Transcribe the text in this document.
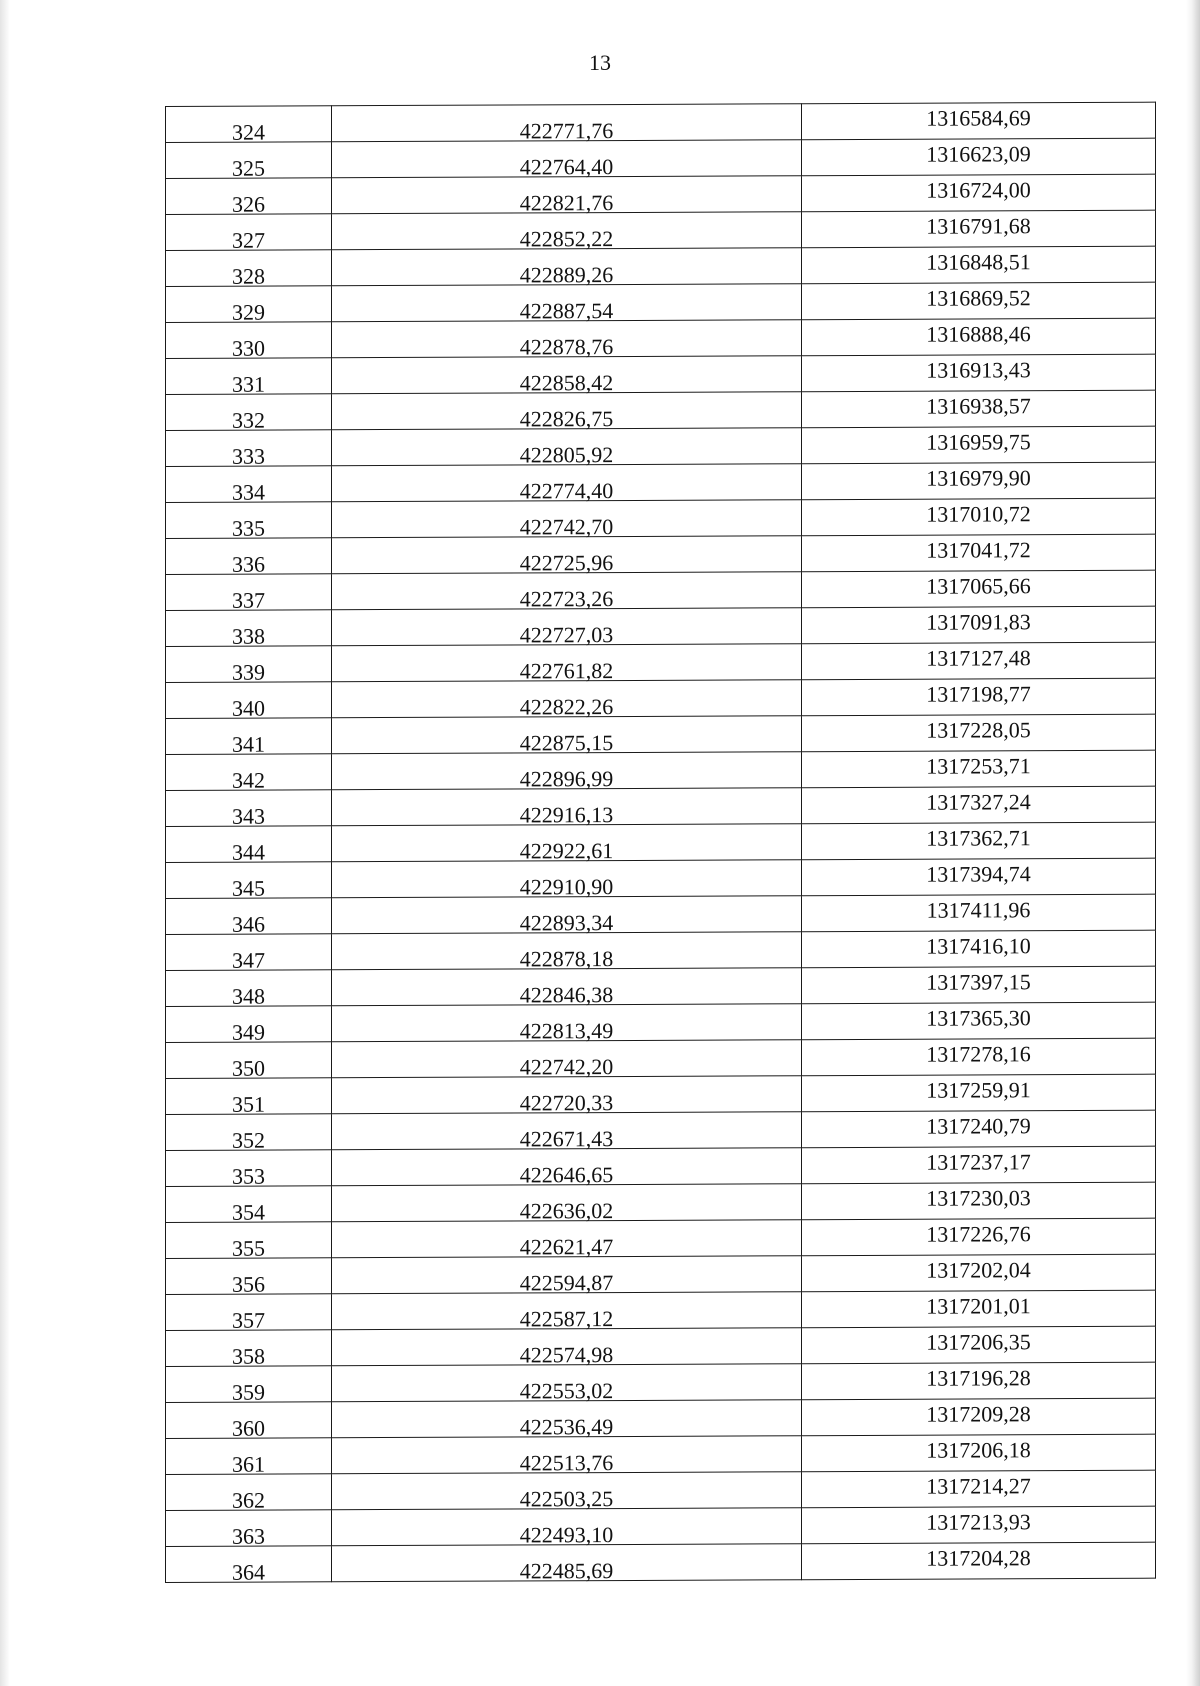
13
324	422771,76	1316584,69
325	422764,40	1316623,09
326	422821,76	1316724,00
327	422852,22	1316791,68
328	422889,26	1316848,51
329	422887,54	1316869,52
330	422878,76	1316888,46
331	422858,42	1316913,43
332	422826,75	1316938,57
333	422805,92	1316959,75
334	422774,40	1316979,90
335	422742,70	1317010,72
336	422725,96	1317041,72
337	422723,26	1317065,66
338	422727,03	1317091,83
339	422761,82	1317127,48
340	422822,26	1317198,77
341	422875,15	1317228,05
342	422896,99	1317253,71
343	422916,13	1317327,24
344	422922,61	1317362,71
345	422910,90	1317394,74
346	422893,34	1317411,96
347	422878,18	1317416,10
348	422846,38	1317397,15
349	422813,49	1317365,30
350	422742,20	1317278,16
351	422720,33	1317259,91
352	422671,43	1317240,79
353	422646,65	1317237,17
354	422636,02	1317230,03
355	422621,47	1317226,76
356	422594,87	1317202,04
357	422587,12	1317201,01
358	422574,98	1317206,35
359	422553,02	1317196,28
360	422536,49	1317209,28
361	422513,76	1317206,18
362	422503,25	1317214,27
363	422493,10	1317213,93
364	422485,69	1317204,28
